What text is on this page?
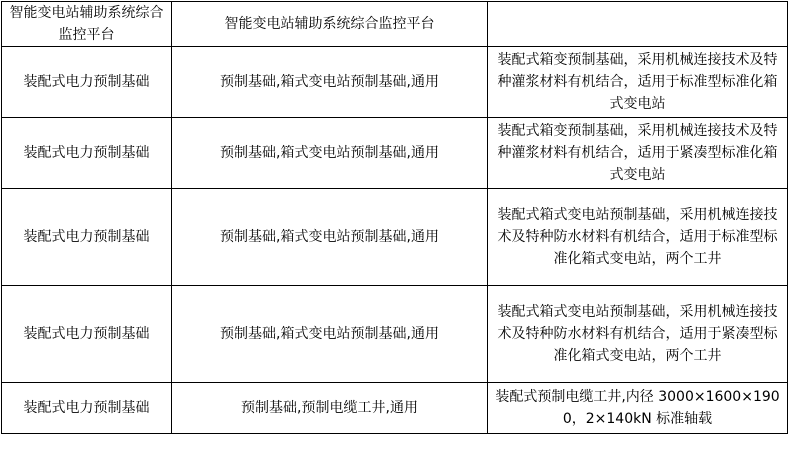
智能变电站辅助系统综合监控平台	智能变电站辅助系统综合监控平台	
装配式电力预制基础	预制基础,箱式变电站预制基础,通用	装配式箱变预制基础，采用机械连接技术及特种灌浆材料有机结合，适用于标准型标准化箱式变电站
装配式电力预制基础	预制基础,箱式变电站预制基础,通用	装配式箱变预制基础，采用机械连接技术及特种灌浆材料有机结合，适用于紧凑型标准化箱式变电站
装配式电力预制基础	预制基础,箱式变电站预制基础,通用	装配式箱式变电站预制基础，采用机械连接技术及特种防水材料有机结合，适用于标准型标准化箱式变电站，两个工井
装配式电力预制基础	预制基础,箱式变电站预制基础,通用	装配式箱式变电站预制基础，采用机械连接技术及特种防水材料有机结合，适用于紧凑型标准化箱式变电站，两个工井
装配式电力预制基础	预制基础,预制电缆工井,通用	装配式预制电缆工井,内径 3000×1600×1900，2×140kN 标准轴载
